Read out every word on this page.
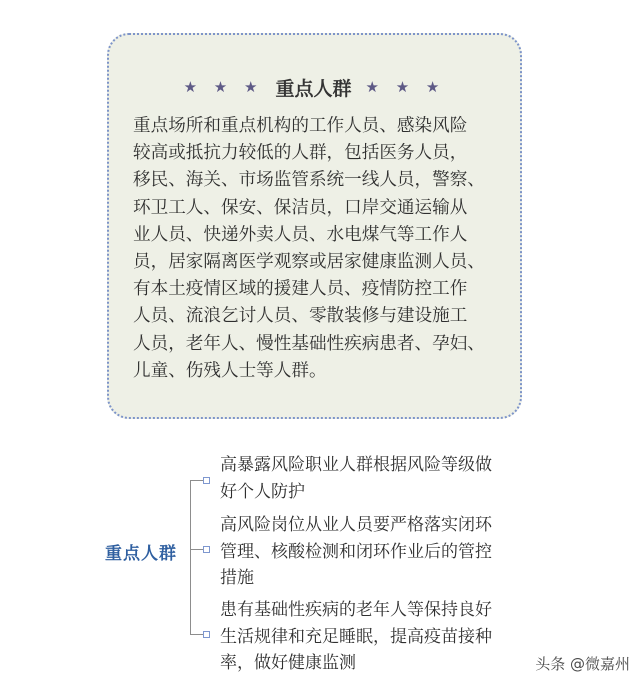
★ ★ ★ 重点人群 ★ ★ ★
重点场所和重点机构的工作人员、感染风险
较高或抵抗力较低的人群，包括医务人员，
移民、海关、市场监管系统一线人员，警察、
环卫工人、保安、保洁员，口岸交通运输从
业人员、快递外卖人员、水电煤气等工作人
员，居家隔离医学观察或居家健康监测人员、
有本土疫情区域的援建人员、疫情防控工作
人员、流浪乞讨人员、零散装修与建设施工
人员，老年人、慢性基础性疾病患者、孕妇、
儿童、伤残人士等人群。
重点人群
高暴露风险职业人群根据风险等级做
好个人防护
高风险岗位从业人员要严格落实闭环
管理、核酸检测和闭环作业后的管控
措施
患有基础性疾病的老年人等保持良好
生活规律和充足睡眠，提高疫苗接种
率，做好健康监测	头条 @微嘉州
